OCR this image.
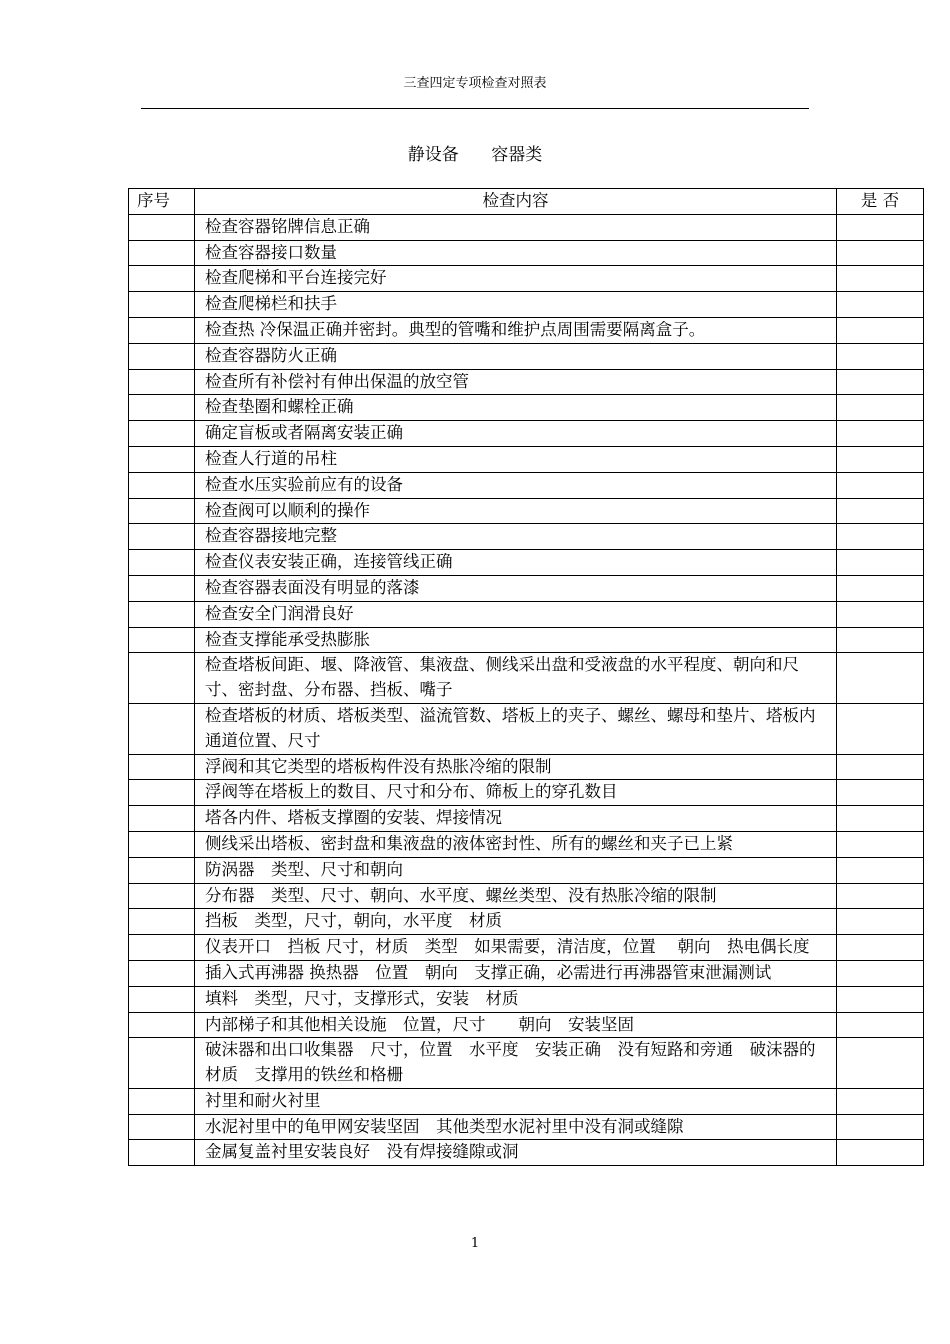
三查四定专项检查对照表
静设备      容器类
序号	检查内容	是 否
	检查容器铭牌信息正确	
	检查容器接口数量	
	检查爬梯和平台连接完好	
	检查爬梯栏和扶手	
	检查热 冷保温正确并密封。典型的管嘴和维护点周围需要隔离盒子。	
	检查容器防火正确	
	检查所有补偿衬有伸出保温的放空管	
	检查垫圈和螺栓正确	
	确定盲板或者隔离安装正确	
	检查人行道的吊柱	
	检查水压实验前应有的设备	
	检查阀可以顺利的操作	
	检查容器接地完整	
	检查仪表安装正确，连接管线正确	
	检查容器表面没有明显的落漆	
	检查安全门润滑良好	
	检查支撑能承受热膨胀	
	检查塔板间距、堰、降液管、集液盘、侧线采出盘和受液盘的水平程度、朝向和尺寸、密封盘、分布器、挡板、嘴子	
	检查塔板的材质、塔板类型、溢流管数、塔板上的夹子、螺丝、螺母和垫片、塔板内通道位置、尺寸	
	浮阀和其它类型的塔板构件没有热胀冷缩的限制	
	浮阀等在塔板上的数目、尺寸和分布、筛板上的穿孔数目	
	塔各内件、塔板支撑圈的安装、焊接情况	
	侧线采出塔板、密封盘和集液盘的液体密封性、所有的螺丝和夹子已上紧	
	防涡器　类型、尺寸和朝向	
	分布器　类型、尺寸、朝向、水平度、螺丝类型、没有热胀冷缩的限制	
	挡板　类型，尺寸，朝向，水平度　材质	
	仪表开口　挡板 尺寸，材质　类型　如果需要，清洁度，位置　 朝向　热电偶长度	
	插入式再沸器 换热器　位置　朝向　支撑正确，必需进行再沸器管束泄漏测试	
	填料　类型，尺寸，支撑形式，安装　材质	
	内部梯子和其他相关设施　位置，尺寸　　朝向　安装坚固	
	破沫器和出口收集器　尺寸，位置　水平度　安装正确　没有短路和旁通　破沫器的材质　支撑用的铁丝和格栅	
	衬里和耐火衬里	
	水泥衬里中的龟甲网安装坚固　其他类型水泥衬里中没有洞或缝隙	
	金属复盖衬里安装良好　没有焊接缝隙或洞	
1
